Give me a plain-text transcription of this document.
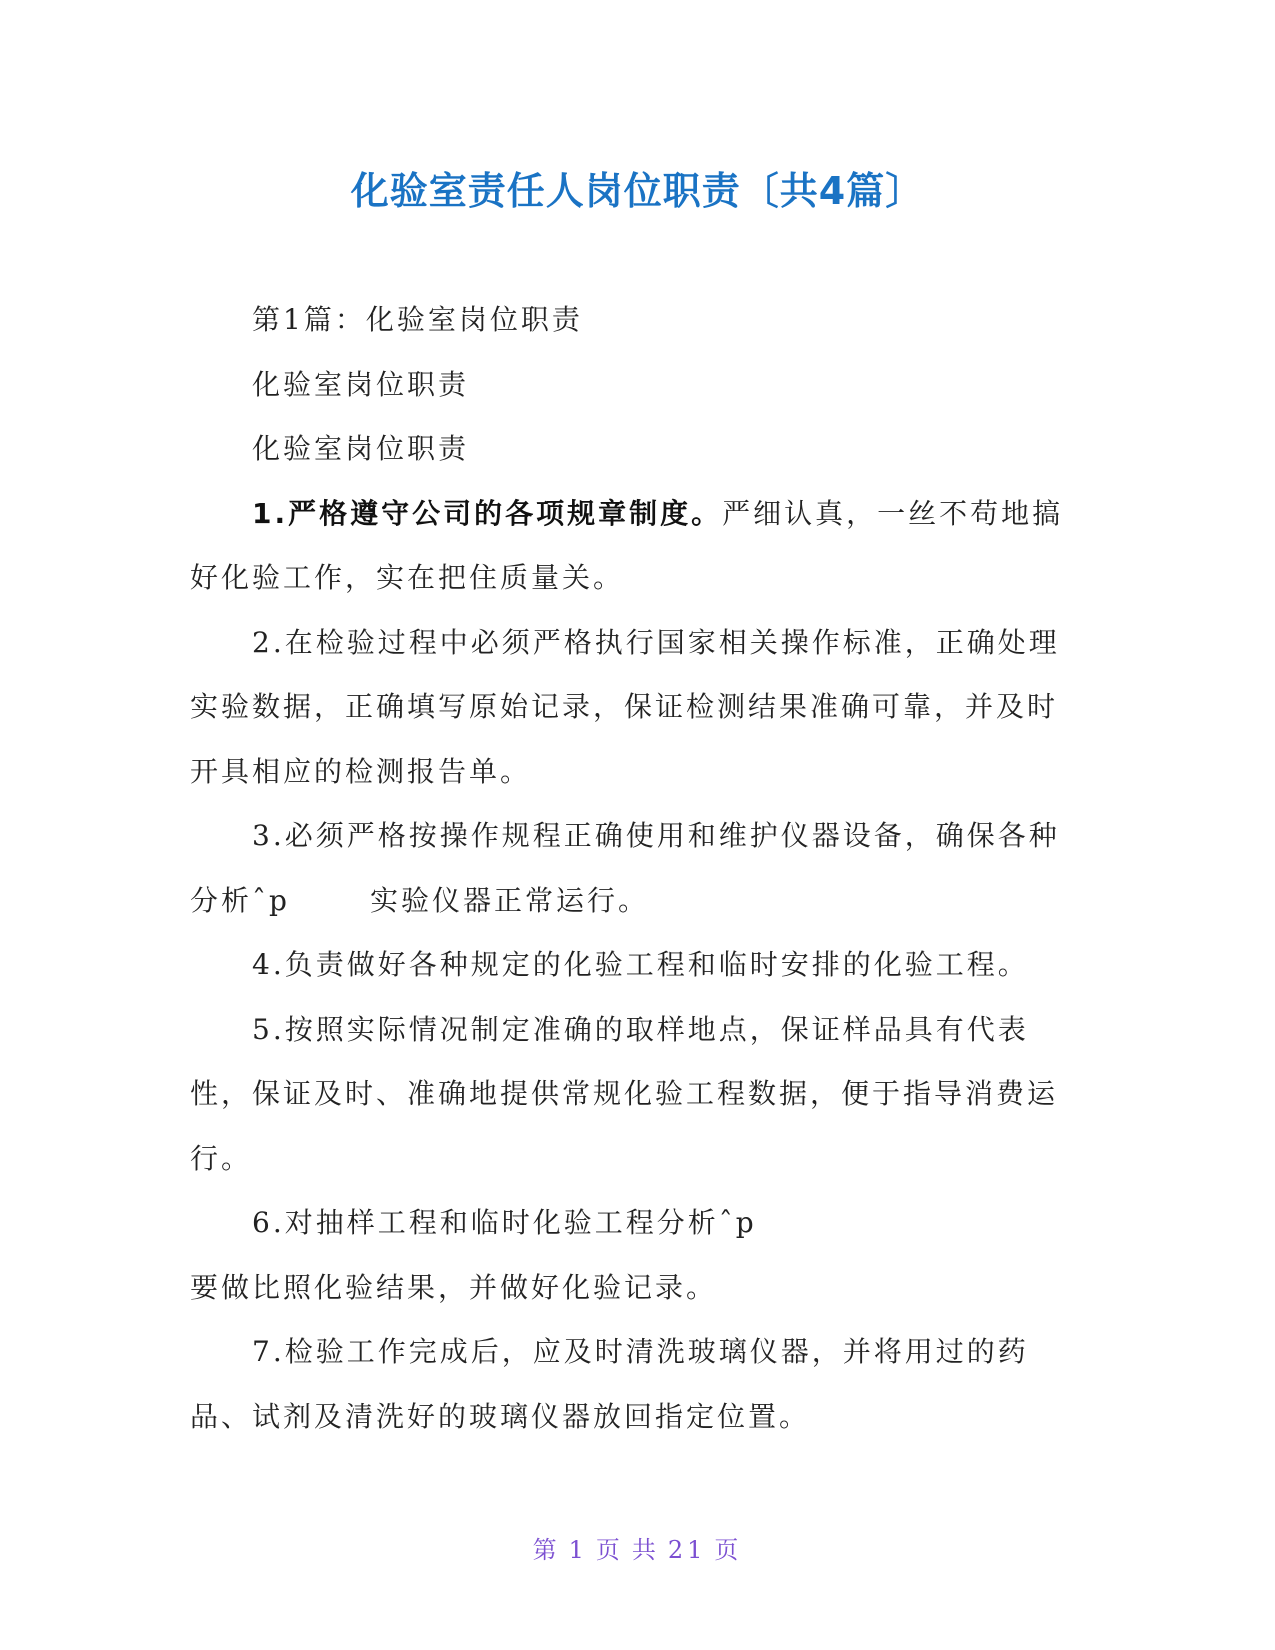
化验室责任人岗位职责〔共4篇〕

第1篇：化验室岗位职责

化验室岗位职责

化验室岗位职责

1.严格遵守公司的各项规章制度。严细认真，一丝不苟地搞好化验工作，实在把住质量关。

2.在检验过程中必须严格执行国家相关操作标准，正确处理实验数据，正确填写原始记录，保证检测结果准确可靠，并及时开具相应的检测报告单。

3.必须严格按操作规程正确使用和维护仪器设备，确保各种分析ˆp	实验仪器正常运行。

4.负责做好各种规定的化验工程和临时安排的化验工程。

5.按照实际情况制定准确的取样地点，保证样品具有代表性，保证及时、准确地提供常规化验工程数据，便于指导消费运行。

6.对抽样工程和临时化验工程分析ˆp

要做比照化验结果，并做好化验记录。

7.检验工作完成后，应及时清洗玻璃仪器，并将用过的药品、试剂及清洗好的玻璃仪器放回指定位置。

第 1 页 共 21 页
